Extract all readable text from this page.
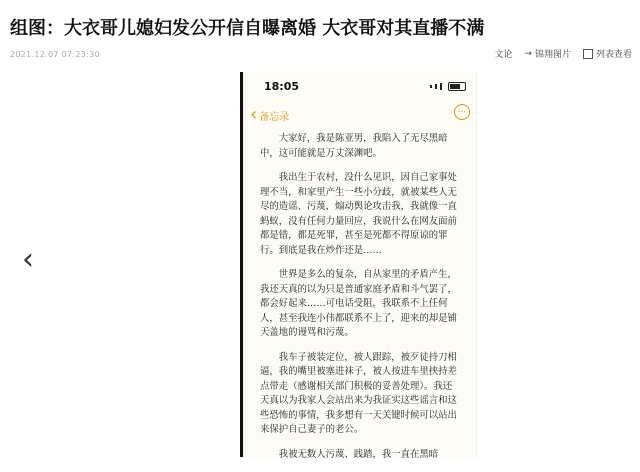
组图：大衣哥儿媳妇发公开信自曝离婚 大衣哥对其直播不满
2021.12.07 07:23:30	文论 → 锦翔图片	列表查看
‹
18:05
‹ 备忘录
...

大家好，我是陈亚男，我陷入了无尽黑暗中，这可能就是万丈深渊吧。

我出生于农村，没什么见识，因自己家事处理不当，和家里产生一些小分歧，就被某些人无尽的造谣、污蔑，煽动舆论攻击我，我就像一直蚂蚁，没有任何力量回应，我说什么在网友面前都是错，都是死罪，甚至是死都不得原谅的罪行。到底是我在炒作还是……

世界是多么的复杂，自从家里的矛盾产生，我还天真的以为只是普通家庭矛盾和斗气罢了，都会好起来……可电话受阻，我联系不上任何人，甚至我连小伟都联系不上了，迎来的却是铺天盖地的谩骂和污蔑。

我车子被装定位，被人跟踪，被歹徒持刀相逼，我的嘴里被塞进袜子，被人按进车里挟持差点带走（感谢相关部门积极的妥善处理）。我还天真以为我家人会站出来为我证实这些谣言和这些恐怖的事情，我多想有一天关键时候可以站出来保护自己妻子的老公。

我被无数人污蔑、践踏，我一直在黑暗
